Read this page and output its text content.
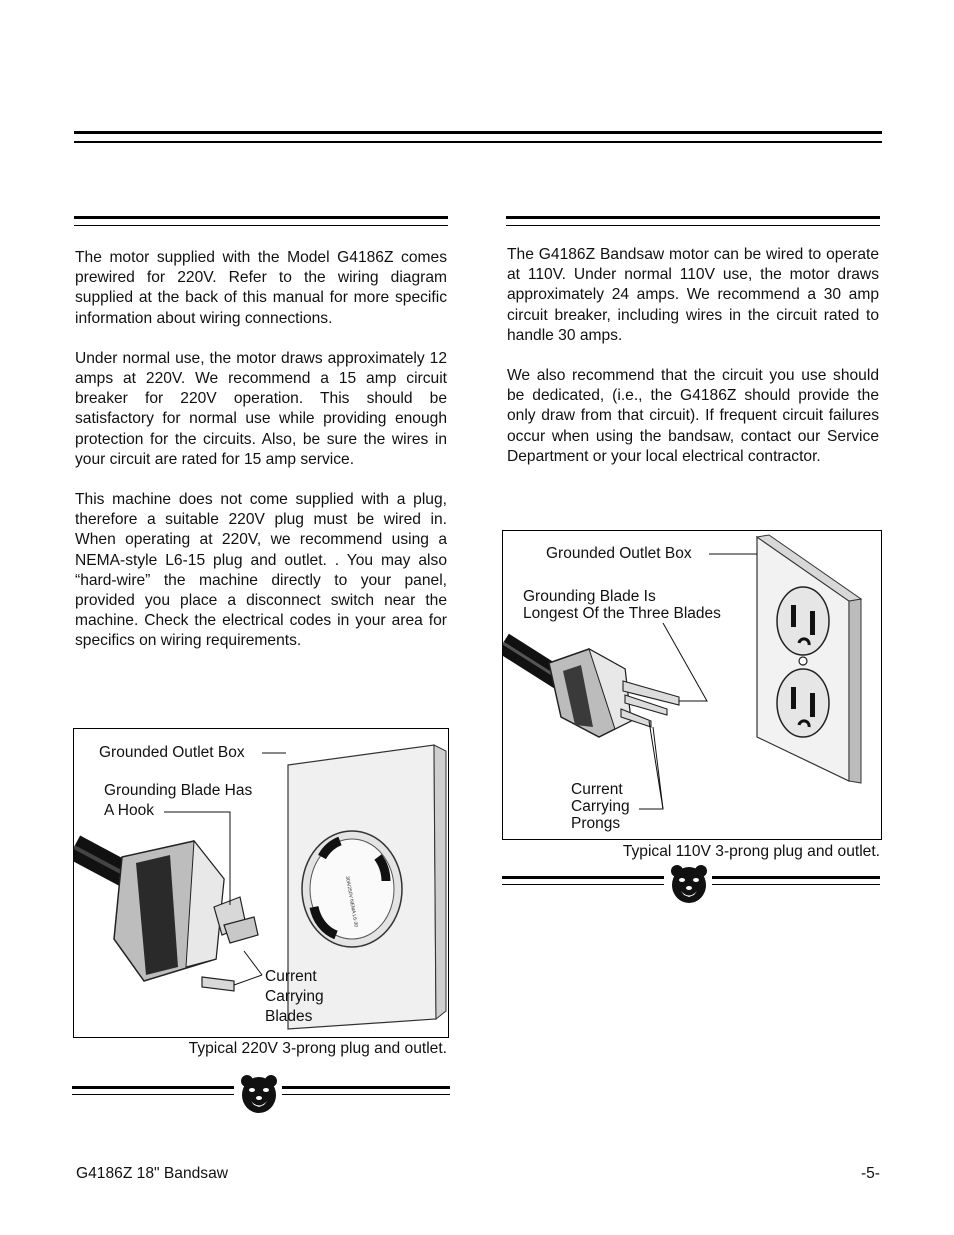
The motor supplied with the Model G4186Z comes prewired for 220V. Refer to the wiring diagram supplied at the back of this manual for more specific information about wiring connections.

Under normal use, the motor draws approximately 12 amps at 220V. We recommend a 15 amp circuit breaker for 220V operation. This should be satisfactory for normal use while providing enough protection for the circuits. Also, be sure the wires in your circuit are rated for 15 amp service.

This machine does not come supplied with a plug, therefore a suitable 220V plug must be wired in. When operating at 220V, we recommend using a NEMA-style L6-15 plug and outlet. . You may also “hard-wire” the machine directly to your panel, provided you place a disconnect switch near the machine. Check the electrical codes in your area for specifics on wiring requirements.

The G4186Z Bandsaw motor can be wired to operate at 110V. Under normal 110V use, the motor draws approximately 24 amps. We recommend a 30 amp circuit breaker, including wires in the circuit rated to handle 30 amps.

We also recommend that the circuit you use should be dedicated, (i.e., the G4186Z should provide the only draw from that circuit). If frequent circuit failures occur when using the bandsaw, contact our Service Department or your local electrical contractor.

30A/250V NEMA L6-30
Grounded Outlet Box
Grounding Blade Has
A Hook
Current
Carrying
Blades
Typical 220V 3-prong plug and outlet.
Grounded Outlet Box
Grounding Blade Is
Longest Of the Three Blades
Current
Carrying
Prongs
Typical 110V 3-prong plug and outlet.
G4186Z 18" Bandsaw	-5-
